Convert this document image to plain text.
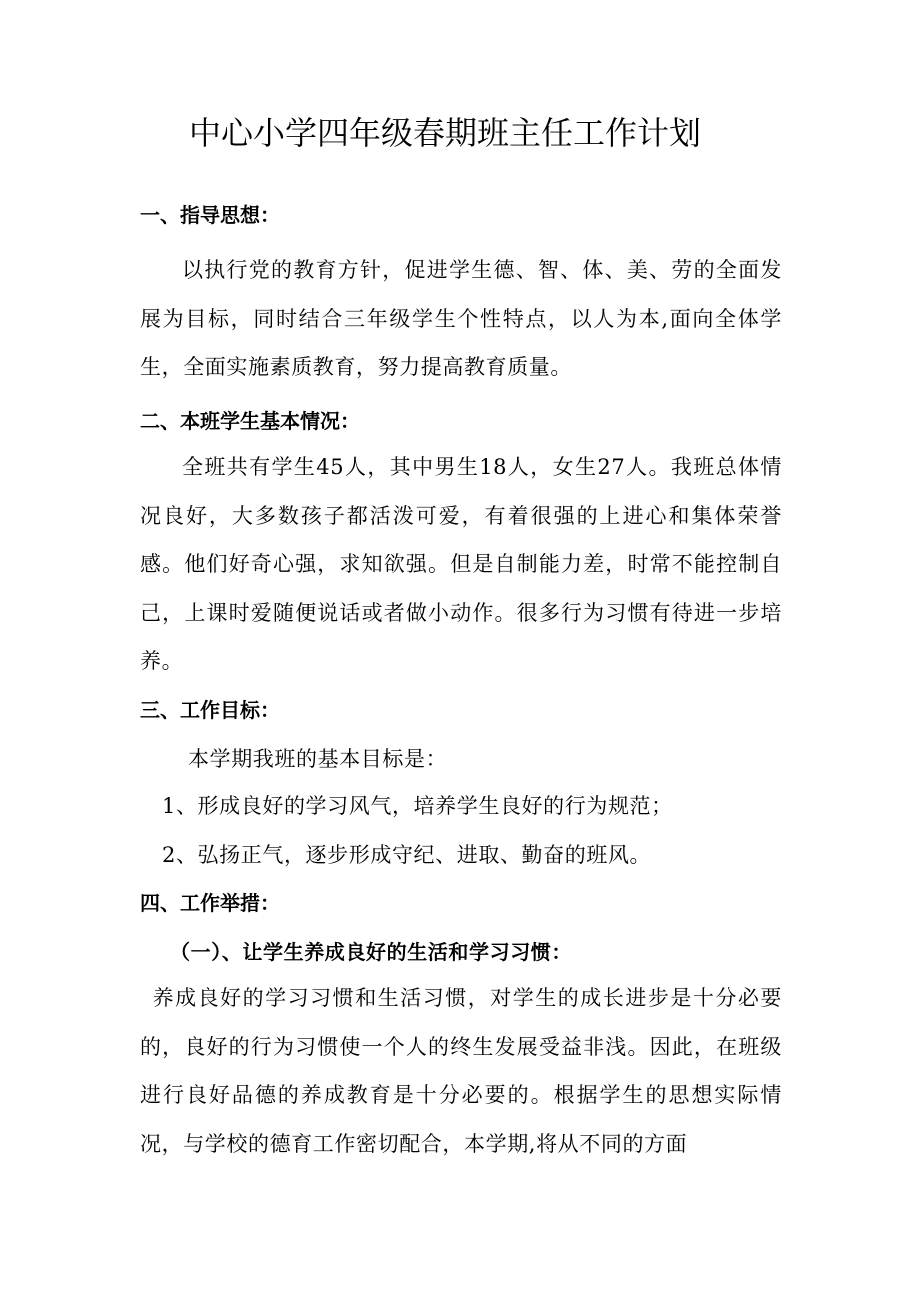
中心小学四年级春期班主任工作计划
一、指导思想：
以执行党的教育方针，促进学生德、智、体、美、劳的全面发展为目标，同时结合三年级学生个性特点，以人为本,面向全体学生，全面实施素质教育，努力提高教育质量。
二、本班学生基本情况：
全班共有学生45人，其中男生18人，女生27人。我班总体情况良好，大多数孩子都活泼可爱，有着很强的上进心和集体荣誉感。他们好奇心强，求知欲强。但是自制能力差，时常不能控制自己，上课时爱随便说话或者做小动作。很多行为习惯有待进一步培养。
三、工作目标：
本学期我班的基本目标是：
1、形成良好的学习风气，培养学生良好的行为规范；
2、弘扬正气，逐步形成守纪、进取、勤奋的班风。
四、工作举措：
（一）、让学生养成良好的生活和学习习惯：
养成良好的学习习惯和生活习惯，对学生的成长进步是十分必要的，良好的行为习惯使一个人的终生发展受益非浅。因此，在班级进行良好品德的养成教育是十分必要的。根据学生的思想实际情况，与学校的德育工作密切配合，本学期,将从不同的方面
